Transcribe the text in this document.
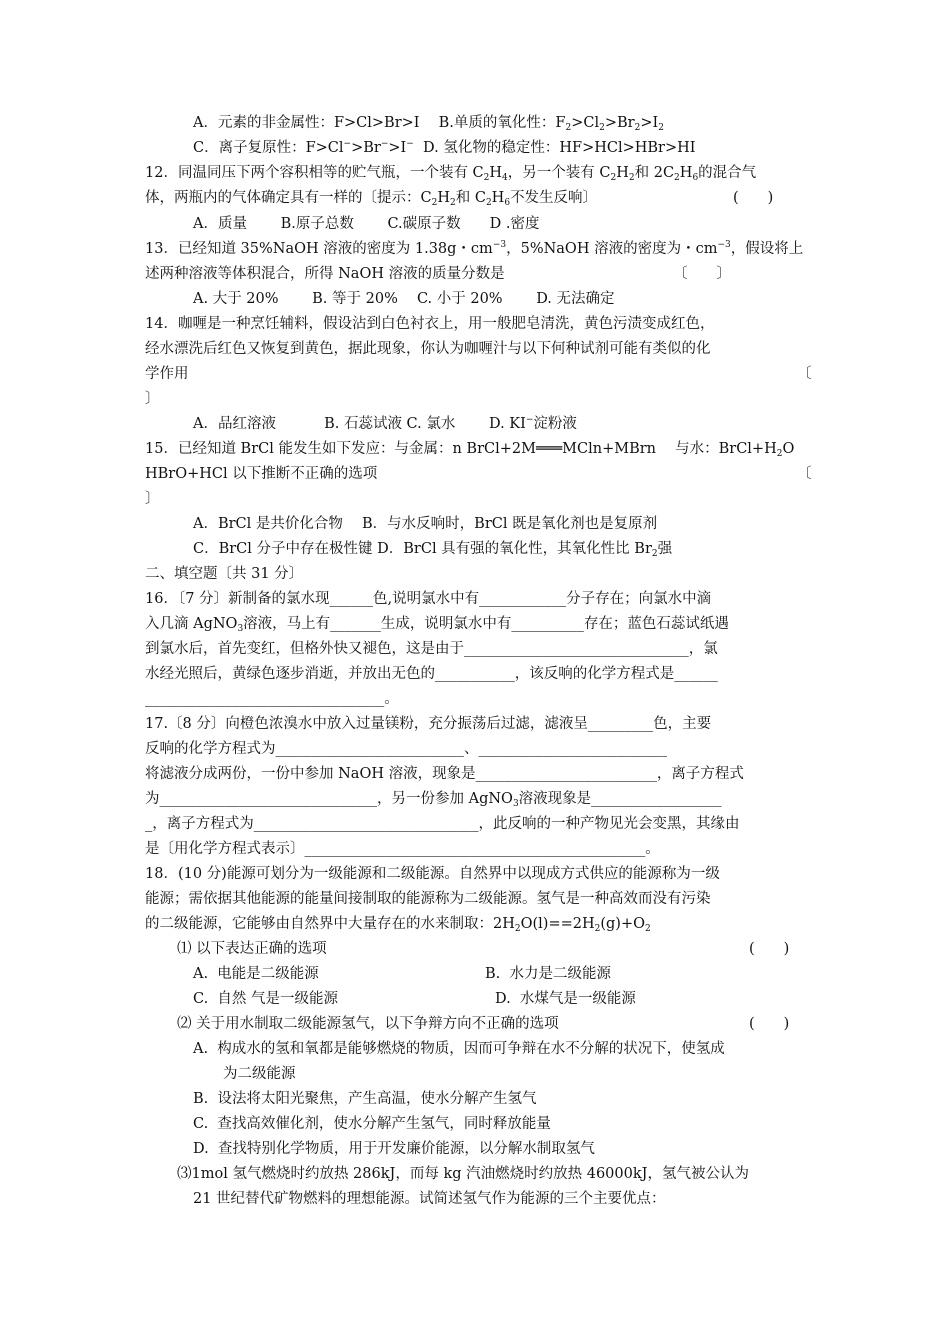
A．元素的非金属性：F>Cl>Br>I　 B.单质的氧化性：$F_2>Cl_2>Br_2>I_2$
C．离子复原性：F>Cl−>Br−>I−  D. 氢化物的稳定性：HF>HCl>HBr>HI
12．同温同压下两个容积相等的贮气瓶，一个装有 $C_2H_4$，另一个装有 $C_2H_2$和 $2C_2H_6$的混合气
体，两瓶内的气体确定具有一样的〔提示：$C_2H_2$和 $C_2H_6$不发生反响〕	(　　)
A．质量　　 B.原子总数　　 C.碳原子数　　D .密度
13．已经知道 35%NaOH 溶液的密度为 1.38g・$cm^{-3}$，5%NaOH 溶液的密度为・$cm^{-3}$，假设将上
述两种溶液等体积混合，所得 NaOH 溶液的质量分数是	〔　　〕
A. 大于 20%　　 B. 等于 20%　 C. 小于 20%　　 D. 无法确定
14．咖喱是一种烹饪辅料，假设沾到白色衬衣上，用一般肥皂清洗，黄色污渍变成红色，
经水漂洗后红色又恢复到黄色，据此现象，你认为咖喱汁与以下何种试剂可能有类似的化
学作用	〔
〕
A．品红溶液　　　 B. 石蕊试液 C. 氯水　　 D. KI−淀粉液
15．已经知道 BrCl 能发生如下发应：与金属：n BrCl+2M═══MCln+MBrn　 与水：$BrCl+H_2O$
HBrO+HCl 以下推断不正确的选项	〔
〕
A．BrCl 是共价化合物　 B．与水反响时，BrCl 既是氧化剂也是复原剂
C．BrCl 分子中存在极性键 D．BrCl 具有强的氧化性，其氧化性比 $Br_2$强
二、填空题〔共 31 分〕
16．〔7 分〕新制备的氯水现______色,说明氯水中有____________分子存在；向氯水中滴
入几滴 AgNO$_3$溶液，马上有_______生成，说明氯水中有__________存在；蓝色石蕊试纸遇
到氯水后，首先变红，但格外快又褪色，这是由于_______________________________，氯
水经光照后，黄绿色逐步消逝，并放出无色的___________，该反响的化学方程式是______
_________________________________。
17.〔8 分〕向橙色浓溴水中放入过量镁粉，充分振荡后过滤，滤液呈_________色，主要
反响的化学方程式为__________________________、__________________________
将滤液分成两份，一份中参加 NaOH 溶液，现象是_________________________，离子方程式
为______________________________，另一份参加 AgNO$_3$溶液现象是__________________
_，离子方程式为_______________________________，此反响的一种产物见光会变黑，其缘由
是〔用化学方程式表示〕_______________________________________________。
18．(10 分)能源可划分为一级能源和二级能源。自然界中以现成方式供应的能源称为一级
能源；需依据其他能源的能量间接制取的能源称为二级能源。氢气是一种高效而没有污染
的二级能源，它能够由自然界中大量存在的水来制取：$2H_2O(l)==2H_2(g)+O_2$
⑴ 以下表达正确的选项	(　　)
A.  电能是二级能源	B.  水力是二级能源
C.  自然 气是一级能源	D.  水煤气是一级能源
⑵ 关于用水制取二级能源氢气，以下争辩方向不正确的选项	(　　)
A.  构成水的氢和氧都是能够燃烧的物质，因而可争辩在水不分解的状况下，使氢成
为二级能源
B.  设法将太阳光聚焦，产生高温，使水分解产生氢气
C.  查找高效催化剂，使水分解产生氢气，同时释放能量
D.  查找特别化学物质，用于开发廉价能源，以分解水制取氢气
⑶1mol 氢气燃烧时约放热 286kJ，而每 kg 汽油燃烧时约放热 46000kJ，氢气被公认为
21 世纪替代矿物燃料的理想能源。试简述氢气作为能源的三个主要优点：
